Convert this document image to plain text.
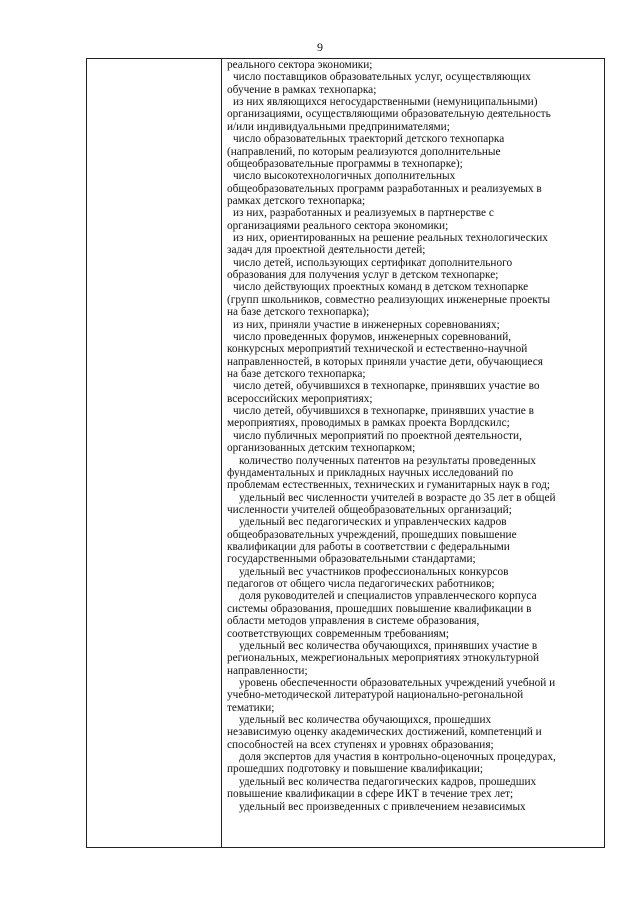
9
реального сектора экономики;
число поставщиков образовательных услуг, осуществляющих
обучение в рамках технопарка;
из них являющихся негосударственными (немуниципальными)
организациями, осуществляющими образовательную деятельность
и/или индивидуальными предпринимателями;
число образовательных траекторий детского технопарка
(направлений, по которым реализуются дополнительные
общеобразовательные программы в технопарке);
число высокотехнологичных дополнительных
общеобразовательных программ разработанных и реализуемых в
рамках детского технопарка;
из них, разработанных и реализуемых в партнерстве с
организациями реального сектора экономики;
из них, ориентированных на решение реальных технологических
задач для проектной деятельности детей;
число детей, использующих сертификат дополнительного
образования для получения услуг в детском технопарке;
число действующих проектных команд в детском технопарке
(групп школьников, совместно реализующих инженерные проекты
на базе детского технопарка);
из них, приняли участие в инженерных соревнованиях;
число проведенных форумов, инженерных соревнований,
конкурсных мероприятий технической и естественно-научной
направленностей, в которых приняли участие дети, обучающиеся
на базе детского технопарка;
число детей, обучившихся в технопарке, принявших участие во
всероссийских мероприятиях;
число детей, обучившихся в технопарке, принявших участие в
мероприятиях, проводимых в рамках проекта Ворлдскилс;
число публичных мероприятий по проектной деятельности,
организованных детским технопарком;
количество полученных патентов на результаты проведенных
фундаментальных и прикладных научных исследований по
проблемам естественных, технических и гуманитарных наук в год;
удельный вес численности учителей в возрасте до 35 лет в общей
численности учителей общеобразовательных организаций;
удельный вес педагогических и управленческих кадров
общеобразовательных учреждений, прошедших повышение
квалификации для работы в соответствии с федеральными
государственными образовательными стандартами;
удельный вес участников профессиональных конкурсов
педагогов от общего числа педагогических работников;
доля руководителей и специалистов управленческого корпуса
системы образования, прошедших повышение квалификации в
области методов управления в системе образования,
соответствующих современным требованиям;
удельный вес количества обучающихся, принявших участие в
региональных, межрегиональных мероприятиях этнокультурной
направленности;
уровень обеспеченности образовательных учреждений учебной и
учебно-методической литературой национально-регональной
тематики;
удельный вес количества обучающихся, прошедших
независимую оценку академических достижений, компетенций и
способностей на всех ступенях и уровнях образования;
доля экспертов для участия в контрольно-оценочных процедурах,
прошедших подготовку и повышение квалификации;
удельный вес количества педагогических кадров, прошедших
повышение квалификации в сфере ИКТ в течение трех лет;
удельный вес произведенных с привлечением независимых
